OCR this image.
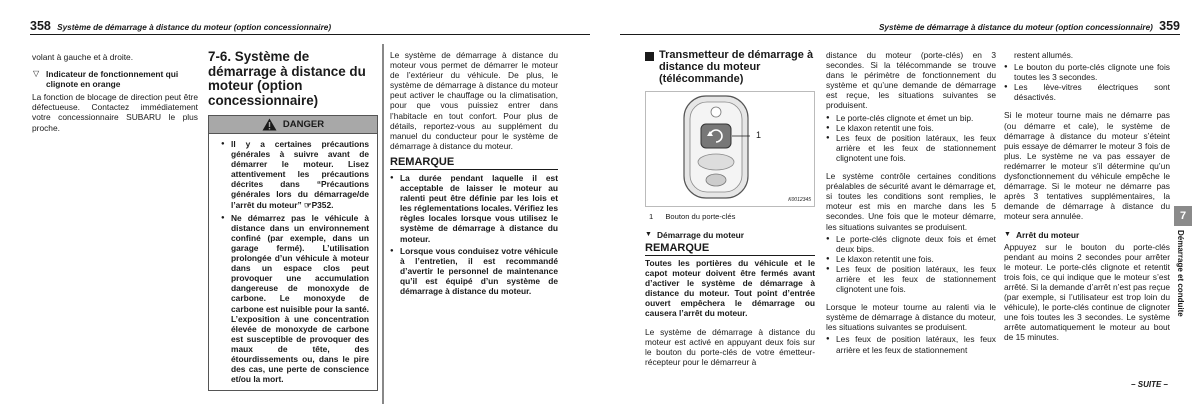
358 Système de démarrage à distance du moteur (option concessionnaire)	Système de démarrage à distance du moteur (option concessionnaire) 359

volant à gauche et à droite.

▽ Indicateur de fonctionnement qui clignote en orange

La fonction de blocage de direction peut être défectueuse. Contactez immédiatement votre concessionnaire SUBARU le plus proche.

7-6. Système de démarrage à distance du moteur (option concessionnaire)
DANGER
● Il y a certaines précautions générales à suivre avant de démarrer le moteur. Lisez attentivement les précautions décrites dans “Précautions générales lors du démarrage/de l’arrêt du moteur” ☞P352.
● Ne démarrez pas le véhicule à distance dans un environnement confiné (par exemple, dans un garage fermé). L’utilisation prolongée d’un véhicule à moteur dans un espace clos peut provoquer une accumulation dangereuse de monoxyde de carbone. Le monoxyde de carbone est nuisible pour la santé. L’exposition à une concentration élevée de monoxyde de carbone est susceptible de provoquer des maux de tête, des étourdissements ou, dans le pire des cas, une perte de conscience et/ou la mort.

Le système de démarrage à distance du moteur vous permet de démarrer le moteur de l’extérieur du véhicule. De plus, le système de démarrage à distance du moteur peut activer le chauffage ou la climatisation, pour que vous puissiez entrer dans l’habitacle en tout confort. Pour plus de détails, reportez-vous au supplément du manuel du conducteur pour le système de démarrage à distance du moteur.

REMARQUE
● La durée pendant laquelle il est acceptable de laisser le moteur au ralenti peut être définie par les lois et les réglementations locales. Vérifiez les règles locales lorsque vous utilisez le système de démarrage à distance du moteur.
● Lorsque vous conduisez votre véhicule à l’entretien, il est recommandé d’avertir le personnel de maintenance qu’il est équipé d’un système de démarrage à distance du moteur.
Transmetteur de démarrage à distance du moteur (télécommande)
1
K0012345
1 Bouton du porte-clés
▼ Démarrage du moteur
REMARQUE

Toutes les portières du véhicule et le capot moteur doivent être fermés avant d’activer le système de démarrage à distance du moteur. Tout point d’entrée ouvert empêchera le démarrage ou causera l’arrêt du moteur.

Le système de démarrage à distance du moteur est activé en appuyant deux fois sur le bouton du porte-clés de votre émetteur-récepteur pour le démarreur à

distance du moteur (porte-clés) en 3 secondes. Si la télécommande se trouve dans le périmètre de fonctionnement du système et qu’une demande de démarrage est reçue, les situations suivantes se produisent.

● Le porte-clés clignote et émet un bip.
● Le klaxon retentit une fois.
● Les feux de position latéraux, les feux arrière et les feux de stationnement clignotent une fois.

Le système contrôle certaines conditions préalables de sécurité avant le démarrage et, si toutes les conditions sont remplies, le moteur est mis en marche dans les 5 secondes. Une fois que le moteur démarre, les situations suivantes se produisent.

● Le porte-clés clignote deux fois et émet deux bips.
● Le klaxon retentit une fois.
● Les feux de position latéraux, les feux arrière et les feux de stationnement clignotent une fois.

Lorsque le moteur tourne au ralenti via le système de démarrage à distance du moteur, les situations suivantes se produisent.

● Les feux de position latéraux, les feux arrière et les feux de stationnement

restent allumés.

● Le bouton du porte-clés clignote une fois toutes les 3 secondes.
● Les lève-vitres électriques sont désactivés.

Si le moteur tourne mais ne démarre pas (ou démarre et cale), le système de démarrage à distance du moteur s’éteint puis essaye de démarrer le moteur 3 fois de plus. Le système ne va pas essayer de redémarrer le moteur s’il détermine qu’un dysfonctionnement du véhicule empêche le démarrage. Si le moteur ne démarre pas après 3 tentatives supplémentaires, la demande de démarrage à distance du moteur sera annulée.

▼ Arrêt du moteur

Appuyez sur le bouton du porte-clés pendant au moins 2 secondes pour arrêter le moteur. Le porte-clés clignote et retentit trois fois, ce qui indique que le moteur s’est arrêté. Si la demande d’arrêt n’est pas reçue (par exemple, si l’utilisateur est trop loin du véhicule), le porte-clés continue de clignoter une fois toutes les 3 secondes. Le système arrête automatiquement le moteur au bout de 15 minutes.

– SUITE –
7
Démarrage et conduite
